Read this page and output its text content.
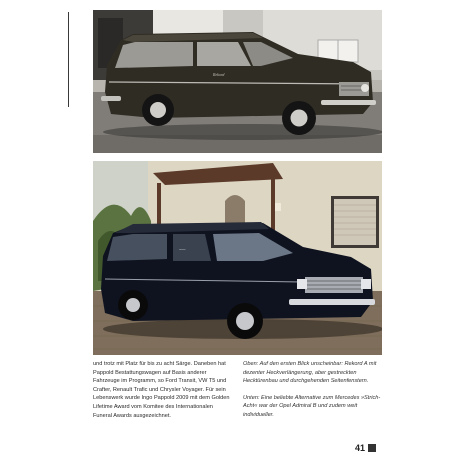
Rekord
~~~

und trotz mit Platz für bis zu acht Särge. Daneben hat Pappold Bestattungswagen auf Basis anderer Fahrzeuge im Programm, so Ford Transit, VW T5 und Crafter, Renault Trafic und Chrysler Voyager. Für sein Lebenswerk wurde Ingo Pappold 2009 mit dem Golden Lifetime Award vom Komitee des Internationalen Funeral Awards ausgezeichnet.

Oben: Auf den ersten Blick unscheinbar: Rekord A mit dezenter Heckverlängerung, aber gestreckten Hecktürenbau und durchgehenden Seitenfenstern.

Unten: Eine beliebte Alternative zum Mercedes »Strich-Acht« war der Opel Admiral B und zudem weit individueller.

41
